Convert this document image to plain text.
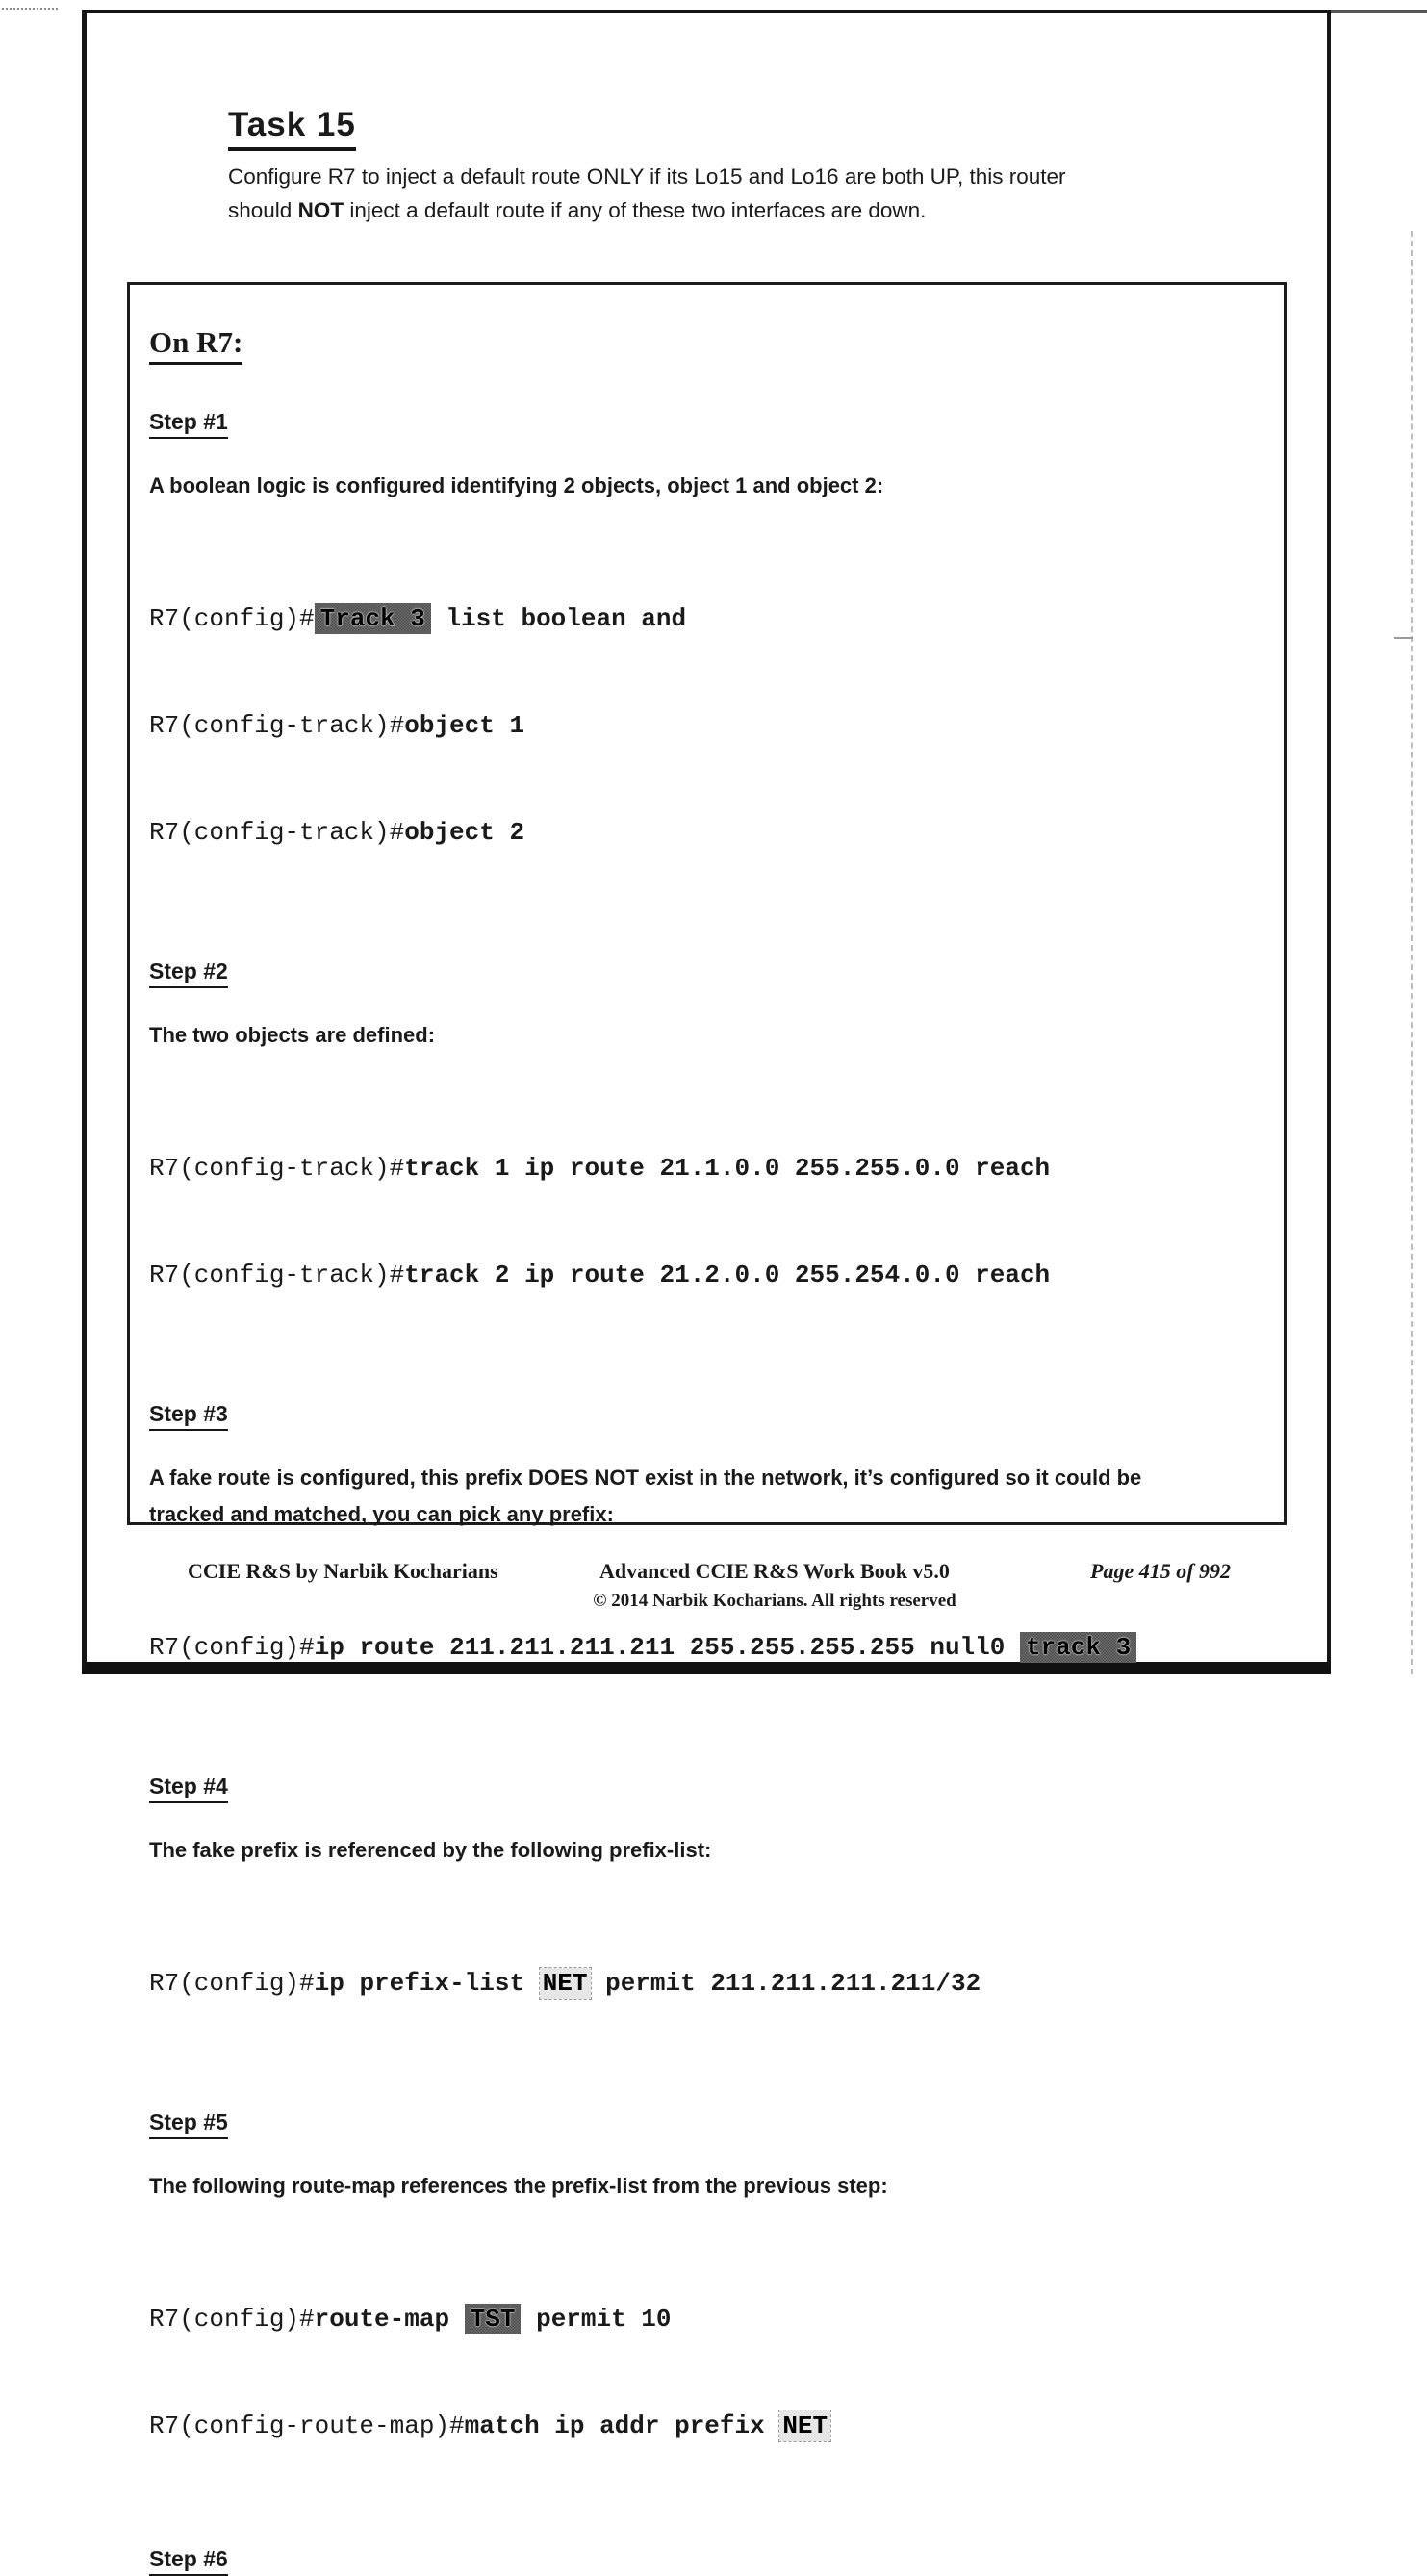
Task 15
Configure R7 to inject a default route ONLY if its Lo15 and Lo16 are both UP, this router
should NOT inject a default route if any of these two interfaces are down.
On R7:
Step #1
A boolean logic is configured identifying 2 objects, object 1 and object 2:

R7(config)# Track 3 list boolean and

R7(config-track)#object 1

R7(config-track)#object 2

Step #2
The two objects are defined:

R7(config-track)#track 1 ip route 21.1.0.0 255.255.0.0 reach

R7(config-track)#track 2 ip route 21.2.0.0 255.254.0.0 reach

Step #3
A fake route is configured, this prefix DOES NOT exist in the network, it’s configured so it could be
tracked and matched, you can pick any prefix:

R7(config)#ip route 211.211.211.211 255.255.255.255 null0 track 3

Step #4
The fake prefix is referenced by the following prefix-list:

R7(config)#ip prefix-list NET permit 211.211.211.211/32

Step #5
The following route-map references the prefix-list from the previous step:

R7(config)#route-map TST permit 10

R7(config-route-map)#match ip addr prefix NET

Step #6
CCIE R&S by Narbik Kocharians	Advanced CCIE R&S Work Book v5.0
© 2014 Narbik Kocharians. All rights reserved
Page 415 of 992
